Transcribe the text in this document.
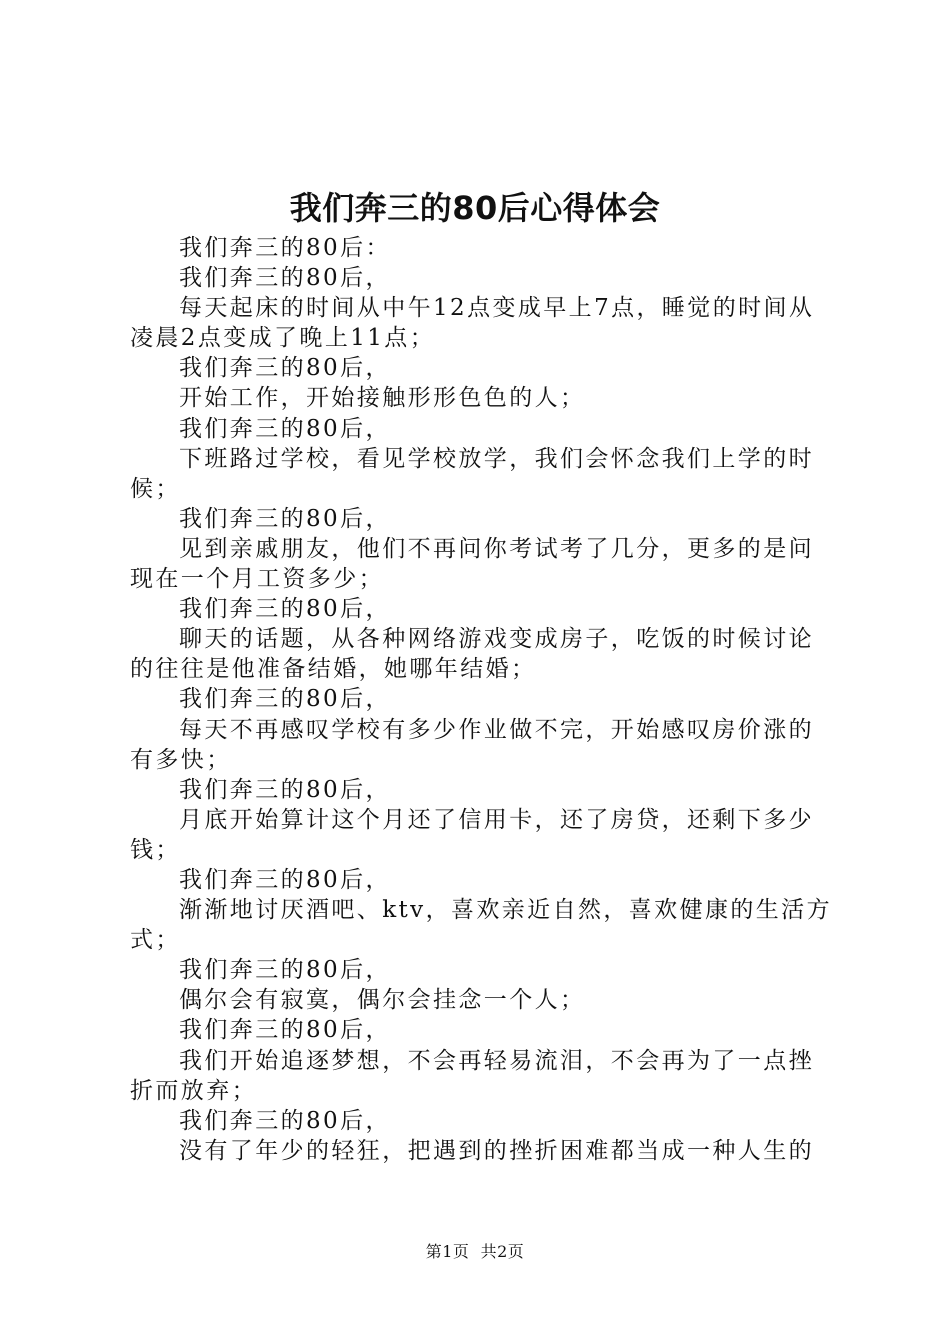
我们奔三的80后心得体会

我们奔三的80后：

我们奔三的80后，

每天起床的时间从中午12点变成早上7点，睡觉的时间从凌晨2点变成了晚上11点；

我们奔三的80后，

开始工作，开始接触形形色色的人；

我们奔三的80后，

下班路过学校，看见学校放学，我们会怀念我们上学的时候；

我们奔三的80后，

见到亲戚朋友，他们不再问你考试考了几分，更多的是问现在一个月工资多少；

我们奔三的80后，

聊天的话题，从各种网络游戏变成房子，吃饭的时候讨论的往往是他准备结婚，她哪年结婚；

我们奔三的80后，

每天不再感叹学校有多少作业做不完，开始感叹房价涨的有多快；

我们奔三的80后，

月底开始算计这个月还了信用卡，还了房贷，还剩下多少钱；

我们奔三的80后，

渐渐地讨厌酒吧、ktv，喜欢亲近自然，喜欢健康的生活方式；

我们奔三的80后，

偶尔会有寂寞，偶尔会挂念一个人；

我们奔三的80后，

我们开始追逐梦想，不会再轻易流泪，不会再为了一点挫折而放弃；

我们奔三的80后，

没有了年少的轻狂，把遇到的挫折困难都当成一种人生的

第1页 共2页
